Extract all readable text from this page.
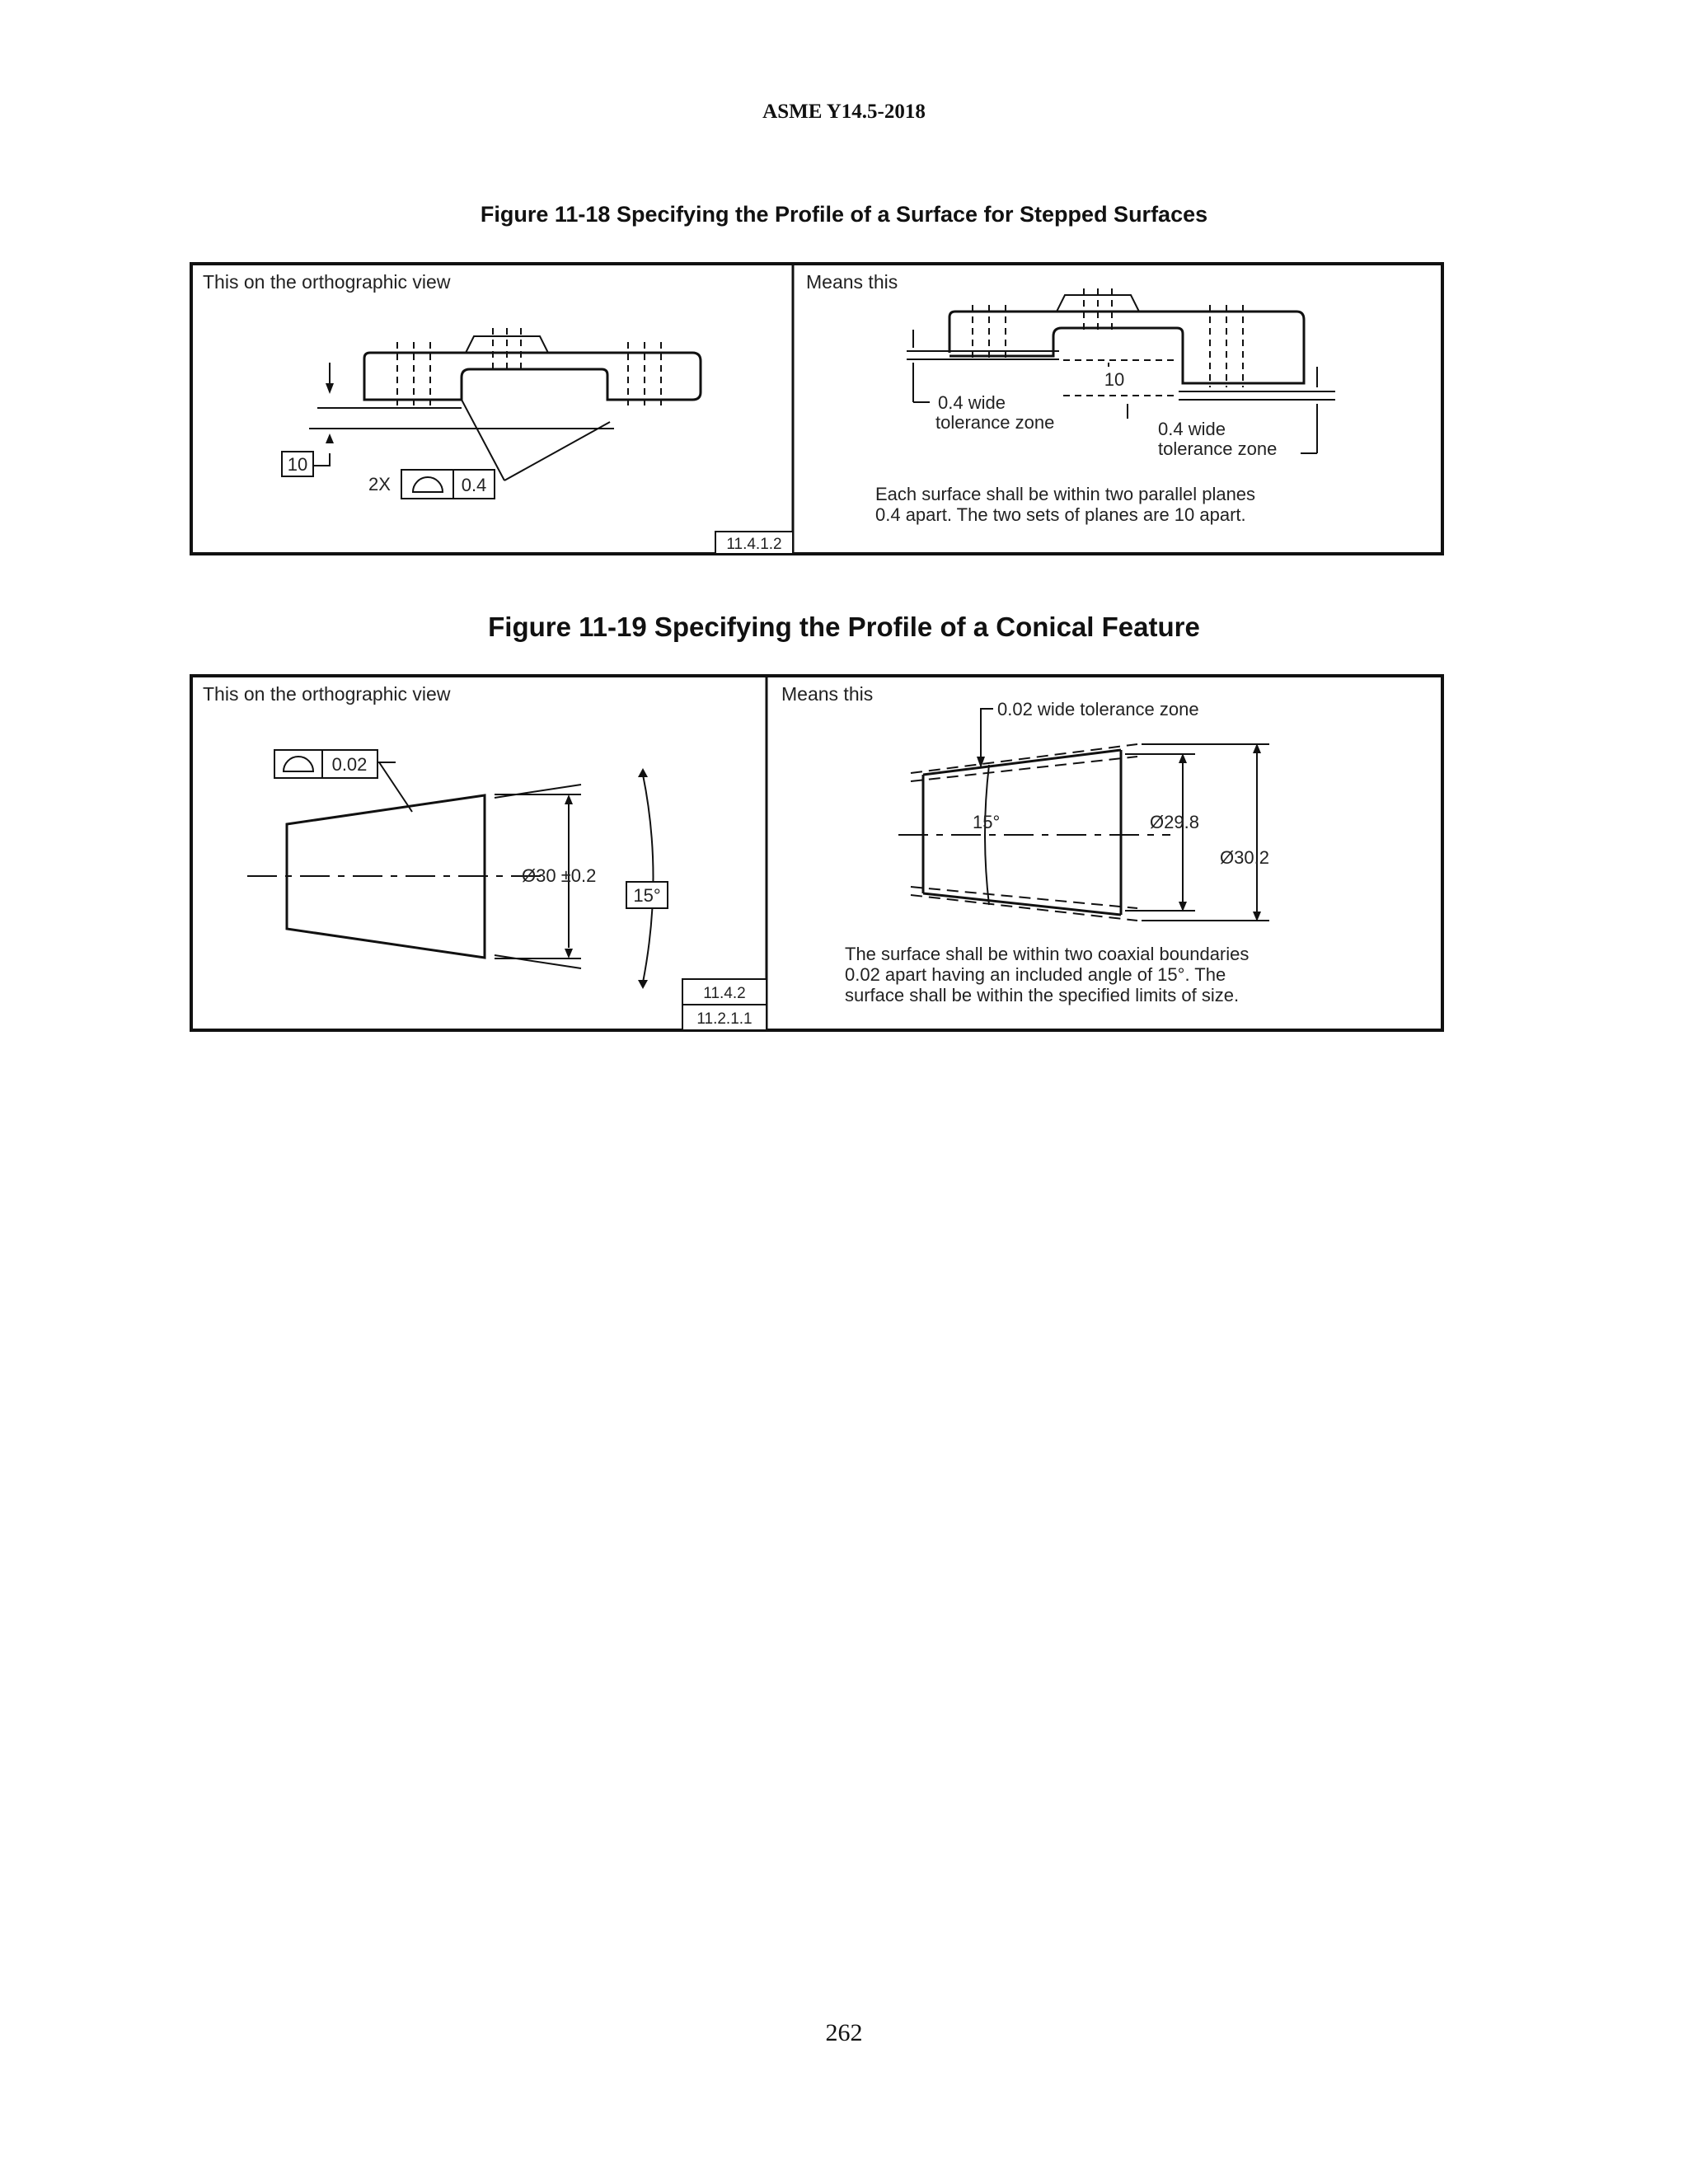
ASME Y14.5-2018
Figure 11-18 Specifying the Profile of a Surface for Stepped Surfaces
This on the orthographic view	Means this
10
2X	0.4
11.4.1.2
10
0.4 wide
tolerance zone	0.4 wide
tolerance zone
Each surface shall be within two parallel planes
0.4 apart. The two sets of planes are 10 apart.
Figure 11-19 Specifying the Profile of a Conical Feature
This on the orthographic view	Means this
0.02
Ø30 ±0.2
15°
11.4.2
11.2.1.1
0.02 wide tolerance zone
15°	Ø29.8
Ø30.2
The surface shall be within two coaxial boundaries
0.02 apart having an included angle of 15°. The
surface shall be within the specified limits of size.
262
